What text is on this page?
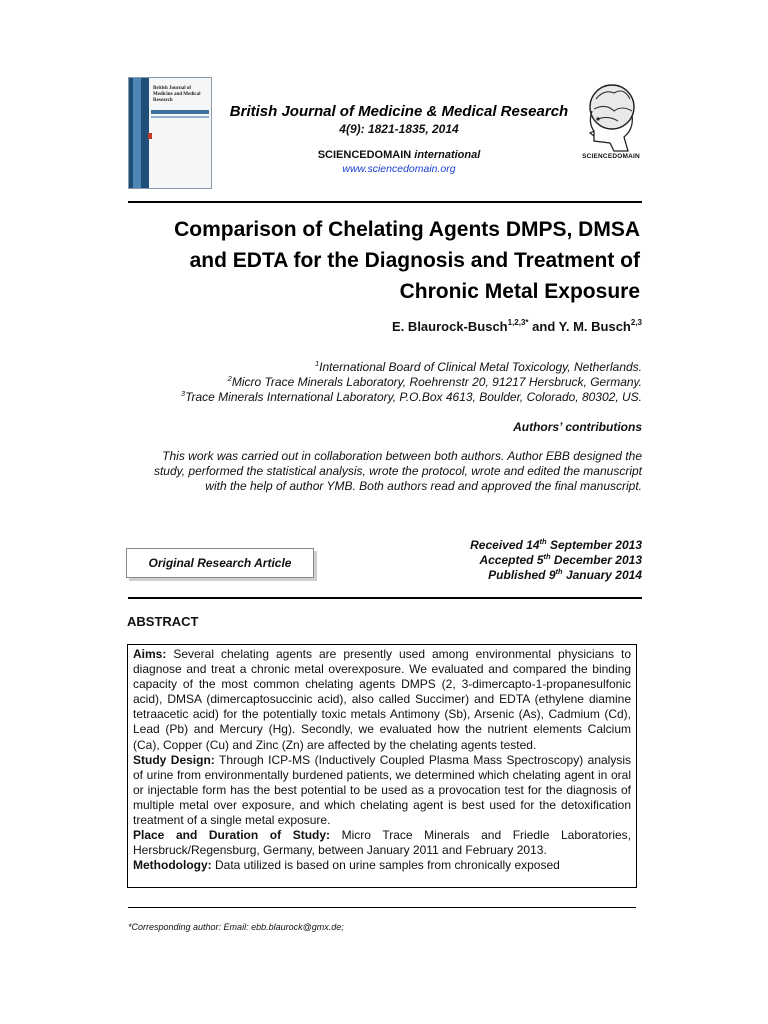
British Journal of Medicine and Medical Research
British Journal of Medicine & Medical Research
4(9): 1821-1835, 2014
SCIENCEDOMAIN international
www.sciencedomain.org
SCIENCEDOMAIN
Comparison of Chelating Agents DMPS, DMSA
and EDTA for the Diagnosis and Treatment of
Chronic Metal Exposure
E. Blaurock-Busch$^{1,2,3*}$ and Y. M. Busch$^{2,3}$
$^1$International Board of Clinical Metal Toxicology, Netherlands.
$^2$Micro Trace Minerals Laboratory, Roehrenstr 20, 91217 Hersbruck, Germany.
$^3$Trace Minerals International Laboratory, P.O.Box 4613, Boulder, Colorado, 80302, US.
Authors’ contributions
This work was carried out in collaboration between both authors. Author EBB designed the
study, performed the statistical analysis, wrote the protocol, wrote and edited the manuscript
with the help of author YMB. Both authors read and approved the final manuscript.
Original Research Article
Received 14th September 2013
Accepted 5th December 2013
Published 9th January 2014
ABSTRACT

Aims: Several chelating agents are presently used among environmental physicians to diagnose and treat a chronic metal overexposure. We evaluated and compared the binding capacity of the most common chelating agents DMPS (2, 3-dimercapto-1-propanesulfonic acid), DMSA (dimercaptosuccinic acid), also called Succimer) and EDTA (ethylene diamine tetraacetic acid) for the potentially toxic metals Antimony (Sb), Arsenic (As), Cadmium (Cd), Lead (Pb) and Mercury (Hg). Secondly, we evaluated how the nutrient elements Calcium (Ca), Copper (Cu) and Zinc (Zn) are affected by the chelating agents tested.

Study Design: Through ICP-MS (Inductively Coupled Plasma Mass Spectroscopy) analysis of urine from environmentally burdened patients, we determined which chelating agent in oral or injectable form has the best potential to be used as a provocation test for the diagnosis of multiple metal over exposure, and which chelating agent is best used for the detoxification treatment of a single metal exposure.

Place and Duration of Study: Micro Trace Minerals and Friedle Laboratories, Hersbruck/Regensburg, Germany, between January 2011 and February 2013.

Methodology: Data utilized is based on urine samples from chronically exposed

*Corresponding author: Email: ebb.blaurock@gmx.de;
